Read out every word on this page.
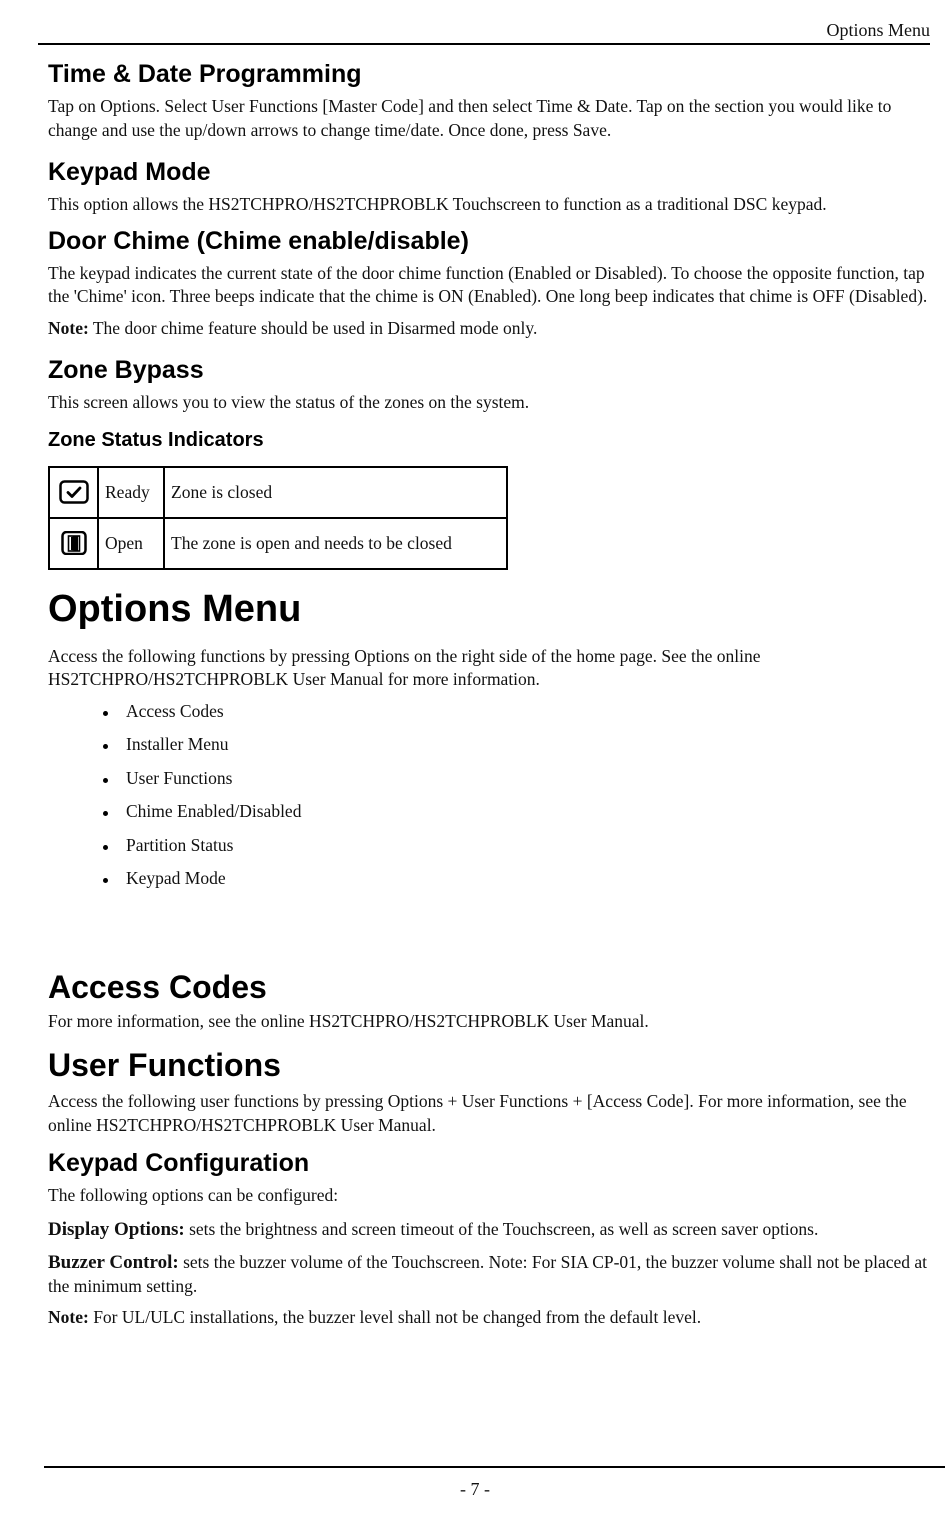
Options Menu
Time & Date Programming

Tap on Options. Select User Functions [Master Code] and then select Time & Date. Tap on the section you would like to change and use the up/down arrows to change time/date. Once done, press Save.

Keypad Mode

This option allows the HS2TCHPRO/HS2TCHPROBLK Touchscreen to function as a traditional DSC keypad.

Door Chime (Chime enable/disable)

The keypad indicates the current state of the door chime function (Enabled or Disabled). To choose the opposite function, tap the 'Chime' icon. Three beeps indicate that the chime is ON (Enabled). One long beep indicates that chime is OFF (Disabled).

Note: The door chime feature should be used in Disarmed mode only.

Zone Bypass

This screen allows you to view the status of the zones on the system.

Zone Status Indicators
	Ready	Zone is closed
	Open	The zone is open and needs to be closed
Options Menu

Access the following functions by pressing Options on the right side of the home page. See the online HS2TCHPRO/HS2TCHPROBLK User Manual for more information.

Access Codes
Installer Menu
User Functions
Chime Enabled/Disabled
Partition Status
Keypad Mode
Access Codes

For more information, see the online HS2TCHPRO/HS2TCHPROBLK User Manual.

User Functions

Access the following user functions by pressing Options + User Functions + [Access Code]. For more information, see the online HS2TCHPRO/HS2TCHPROBLK User Manual.

Keypad Configuration

The following options can be configured:

Display Options: sets the brightness and screen timeout of the Touchscreen, as well as screen saver options.

Buzzer Control: sets the buzzer volume of the Touchscreen. Note: For SIA CP-01, the buzzer volume shall not be placed at the minimum setting.

Note: For UL/ULC installations, the buzzer level shall not be changed from the default level.

- 7 -
